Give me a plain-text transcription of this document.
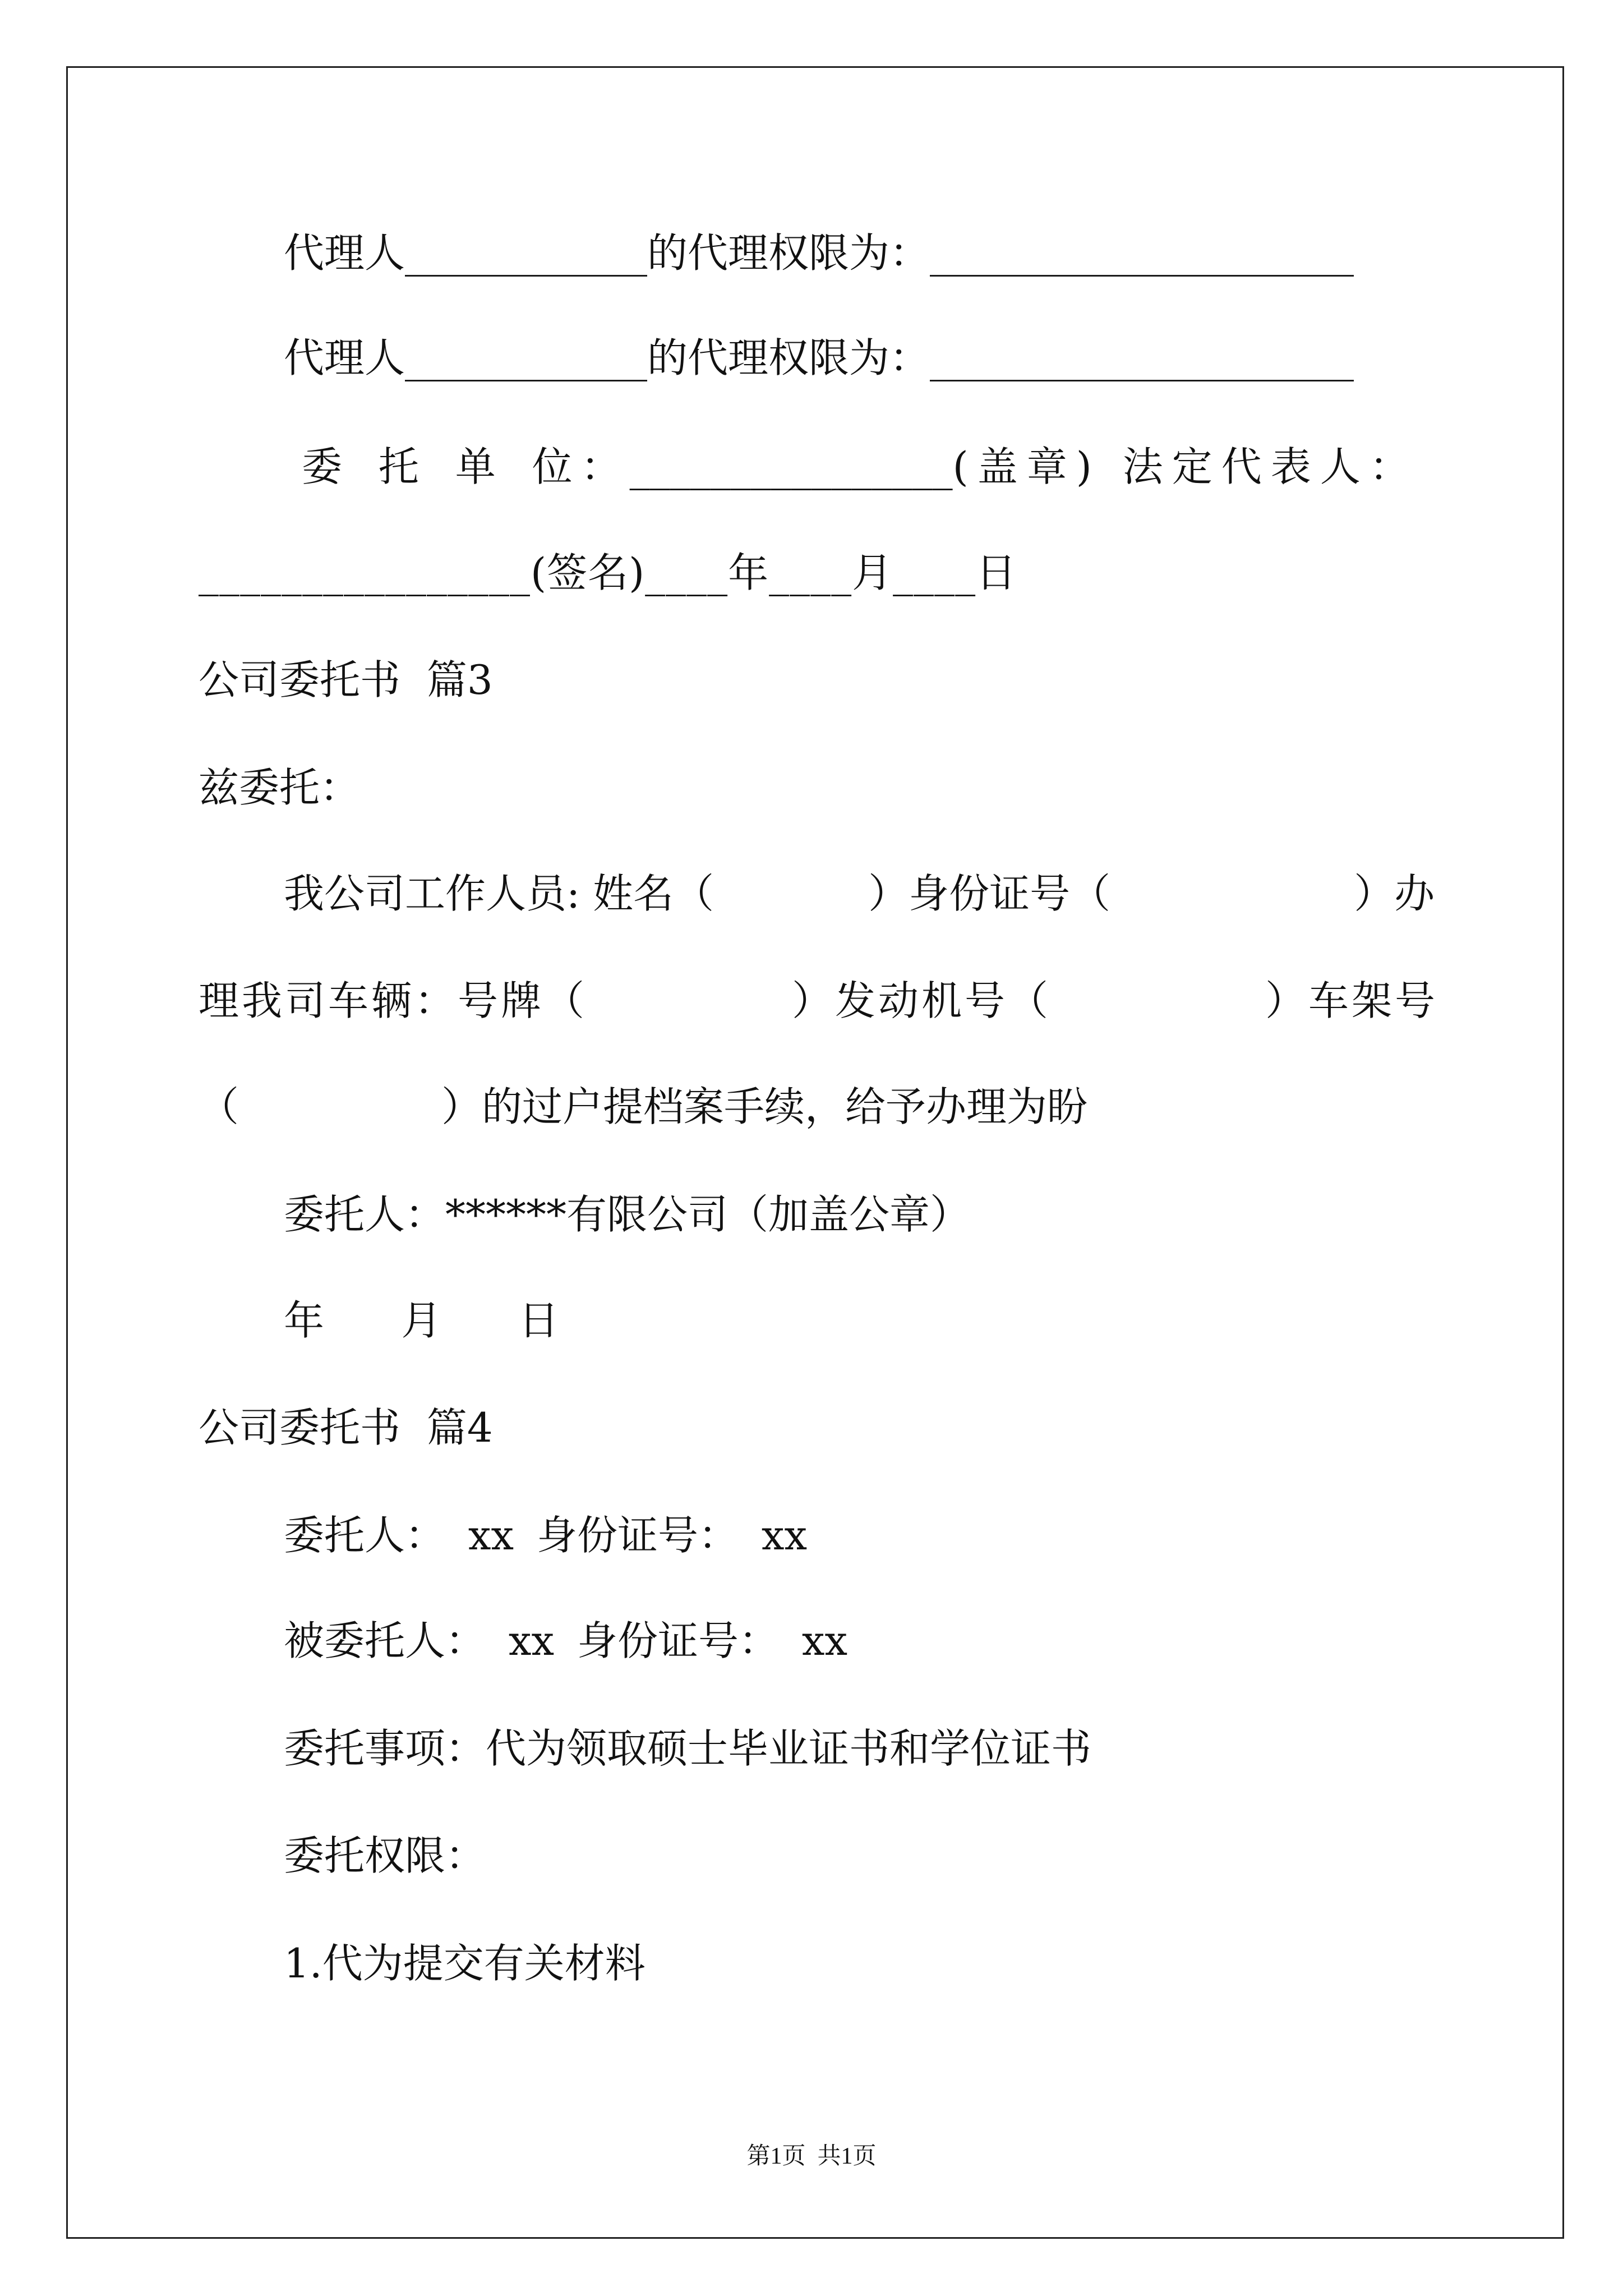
代理人____________的代理权限为：_____________________
代理人____________的代理权限为：_____________________
委 托 单 位：________________(盖章) 法定代表人：
________________(签名)____年____月____日
公司委托书 篇3
兹委托：
我公司工作人员: 姓名（	）身份证号（	）办
理我司车辆：号牌（	）发动机号（	）车架号
（	）的过户提档案手续，给予办理为盼
委托人：******有限公司（加盖公章）
年      月      日
公司委托书 篇4
委托人： xx 身份证号： xx
被委托人： xx 身份证号： xx
委托事项：代为领取硕士毕业证书和学位证书
委托权限：
1.代为提交有关材料
第1页  共1页
